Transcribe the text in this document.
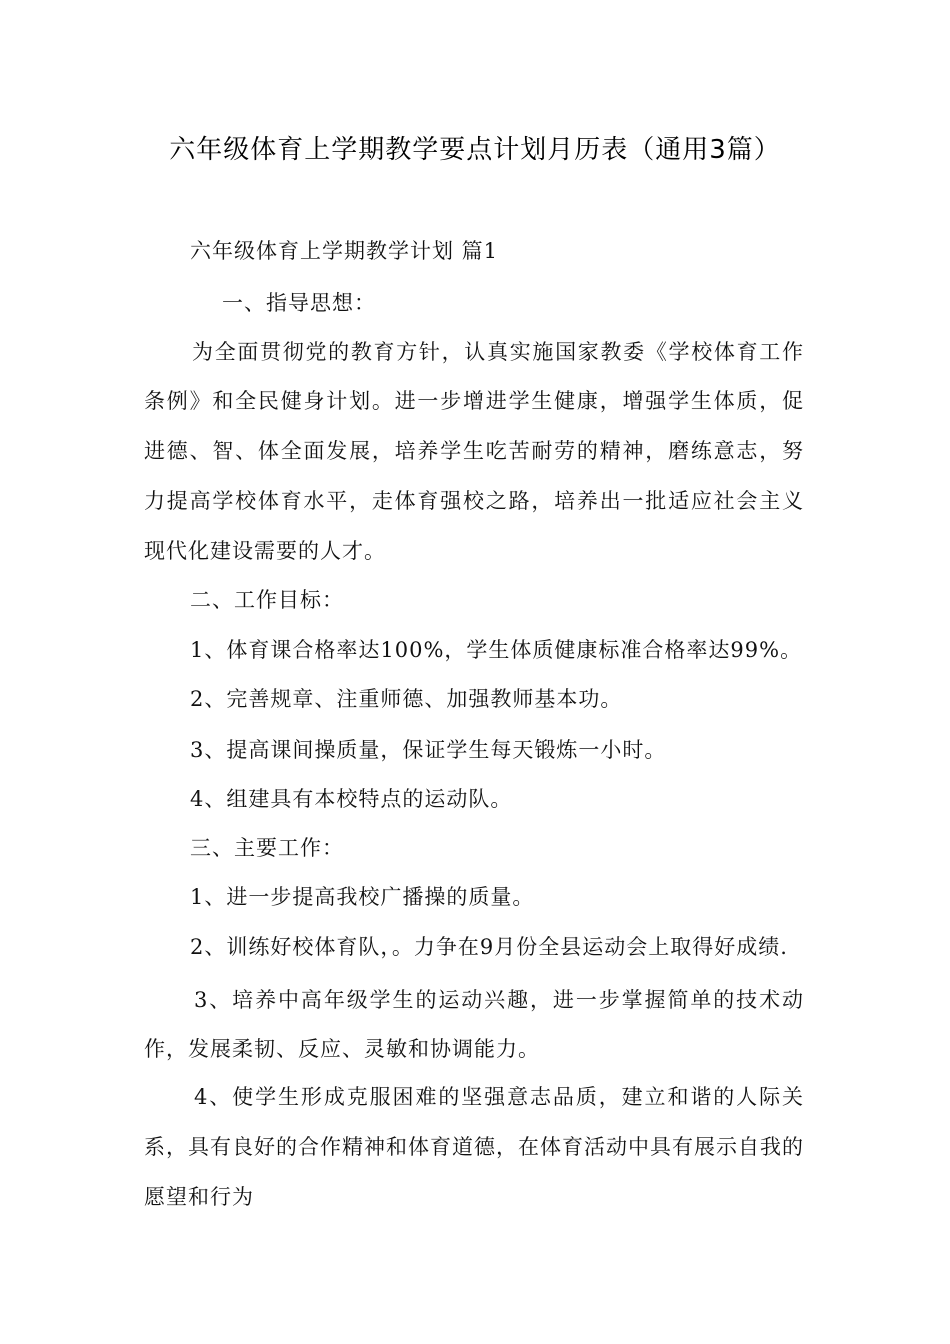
六年级体育上学期教学要点计划月历表（通用3篇）
六年级体育上学期教学计划 篇1
一、指导思想：
为全面贯彻党的教育方针，认真实施国家教委《学校体育工作
条例》和全民健身计划。进一步增进学生健康，增强学生体质，促
进德、智、体全面发展，培养学生吃苦耐劳的精神，磨练意志，努
力提高学校体育水平，走体育强校之路，培养出一批适应社会主义
现代化建设需要的人才。
二、工作目标：
1、体育课合格率达100%，学生体质健康标准合格率达99%。
2、完善规章、注重师德、加强教师基本功。
3、提高课间操质量，保证学生每天锻炼一小时。
4、组建具有本校特点的运动队。
三、主要工作：
1、进一步提高我校广播操的质量。
2、训练好校体育队，。力争在9月份全县运动会上取得好成绩.
3、培养中高年级学生的运动兴趣，进一步掌握简单的技术动
作，发展柔韧、反应、灵敏和协调能力。
4、使学生形成克服困难的坚强意志品质，建立和谐的人际关
系，具有良好的合作精神和体育道德，在体育活动中具有展示自我的
愿望和行为
